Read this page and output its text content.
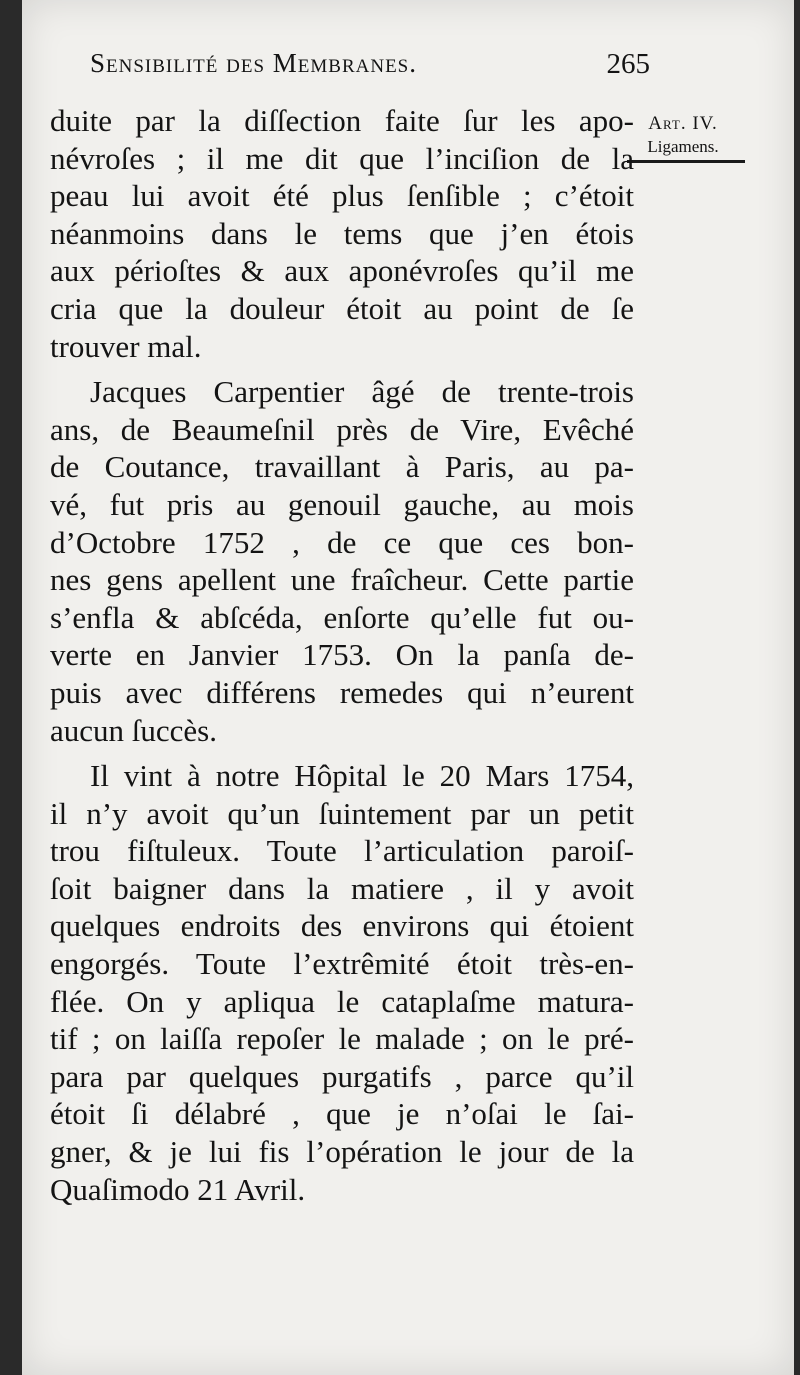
Sensibilité des Membranes.	265
Art. IV.
Ligamens.

duite par la diſſection faite ſur les apo-
névroſes ; il me dit que l’inciſion de la
peau lui avoit été plus ſenſible ; c’étoit
néanmoins dans le tems que j’en étois
aux périoſtes & aux aponévroſes qu’il me
cria que la douleur étoit au point de ſe
trouver mal.

Jacques Carpentier âgé de trente-trois
ans, de Beaumeſnil près de Vire, Evêché
de Coutance, travaillant à Paris, au pa-
vé, fut pris au genouil gauche, au mois
d’Octobre 1752 , de ce que ces bon-
nes gens apellent une fraîcheur. Cette partie
s’enfla & abſcéda, enſorte qu’elle fut ou-
verte en Janvier 1753. On la panſa de-
puis avec différens remedes qui n’eurent
aucun ſuccès.

Il vint à notre Hôpital le 20 Mars 1754,
il n’y avoit qu’un ſuintement par un petit
trou fiſtuleux. Toute l’articulation paroiſ-
ſoit baigner dans la matiere , il y avoit
quelques endroits des environs qui étoient
engorgés. Toute l’extrêmité étoit très-en-
flée. On y apliqua le cataplaſme matura-
tif ; on laiſſa repoſer le malade ; on le pré-
para par quelques purgatifs , parce qu’il
étoit ſi délabré , que je n’oſai le ſai-
gner, & je lui fis l’opération le jour de la
Quaſimodo 21 Avril.
